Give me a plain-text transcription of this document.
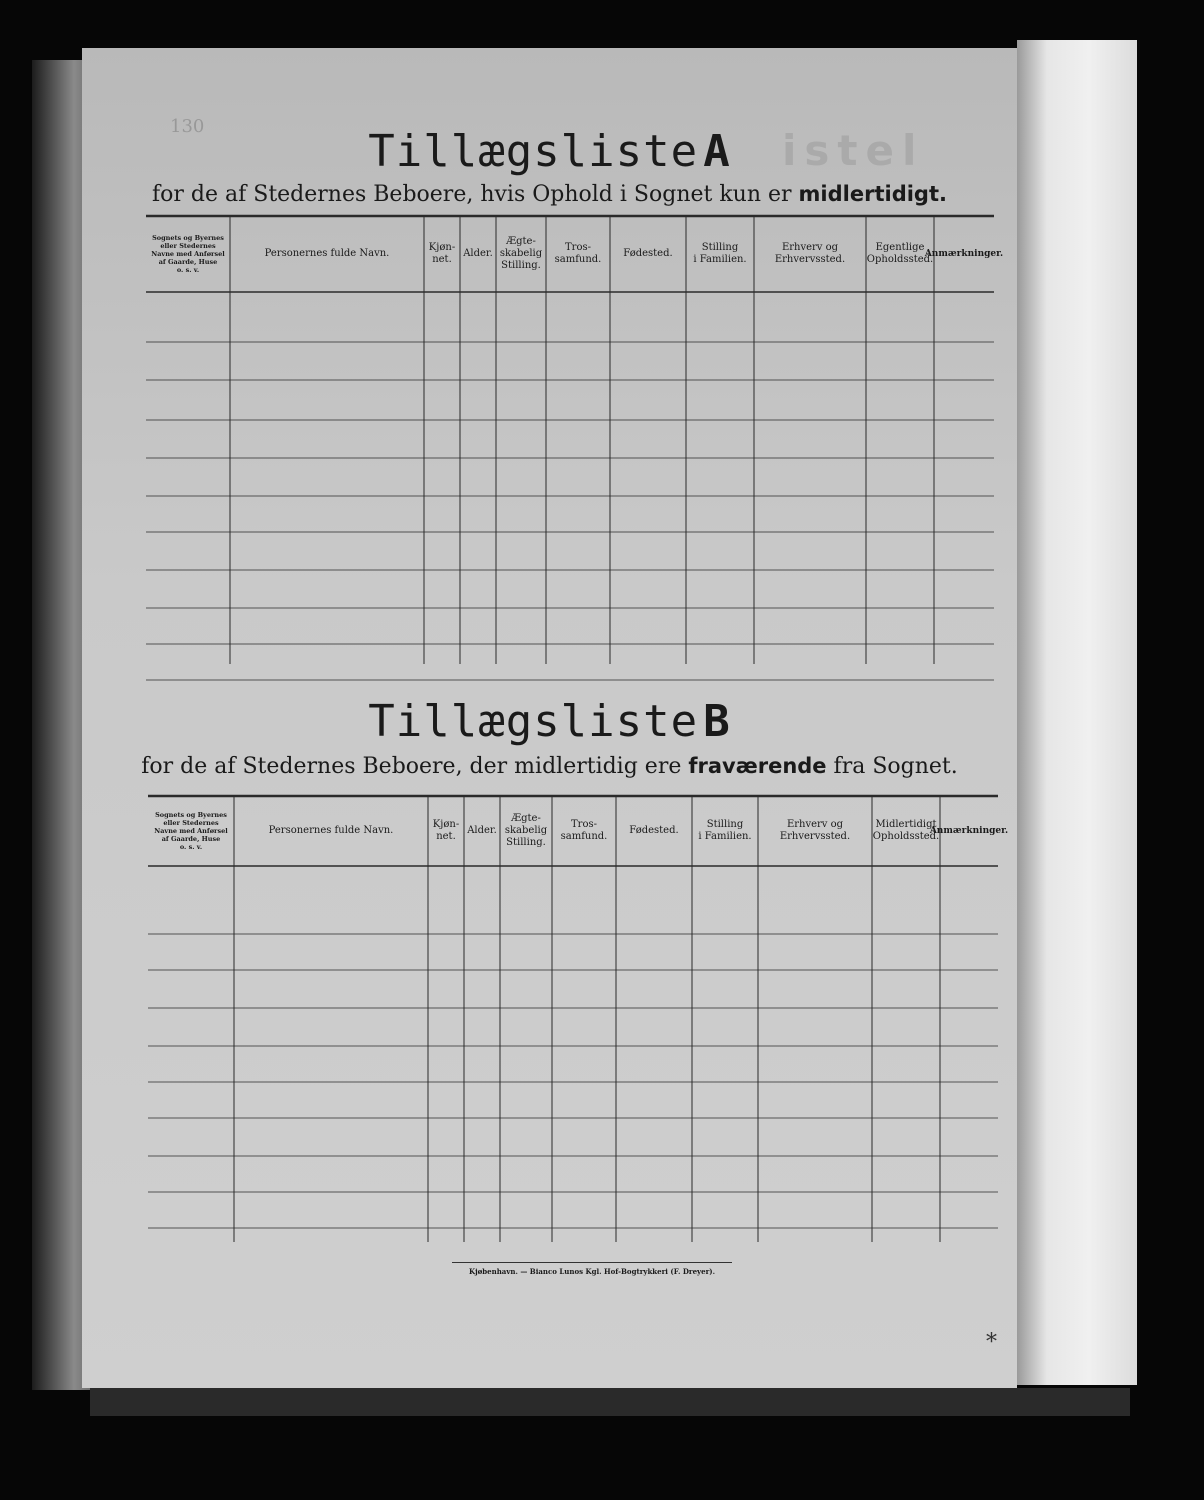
130	istel
Tillægsliste A
for de af Stedernes Beboere, hvis Ophold i Sognet kun er midlertidigt.
Sognets og Byernes
eller Stedernes
Navne med Anførsel
af Gaarde, Huse
o. s. v.
Personernes fulde Navn.
Kjøn-
net.
Alder.
Ægte-
skabelig
Stilling.
Tros-
samfund.
Fødested.
Stilling
i Familien.
Erhverv og
Erhvervssted.
Egentlige
Opholdssted.
Anmærkninger.
Tillægsliste B
for de af Stedernes Beboere, der midlertidig ere fraværende fra Sognet.
Sognets og Byernes
eller Stedernes
Navne med Anførsel
af Gaarde, Huse
o. s. v.
Personernes fulde Navn.
Kjøn-
net.
Alder.
Ægte-
skabelig
Stilling.
Tros-
samfund.
Fødested.
Stilling
i Familien.
Erhverv og
Erhvervssted.
Midlertidigt
Opholdssted.
Anmærkninger.
Kjøbenhavn. — Bianco Lunos Kgl. Hof-Bogtrykkeri (F. Dreyer).
*
